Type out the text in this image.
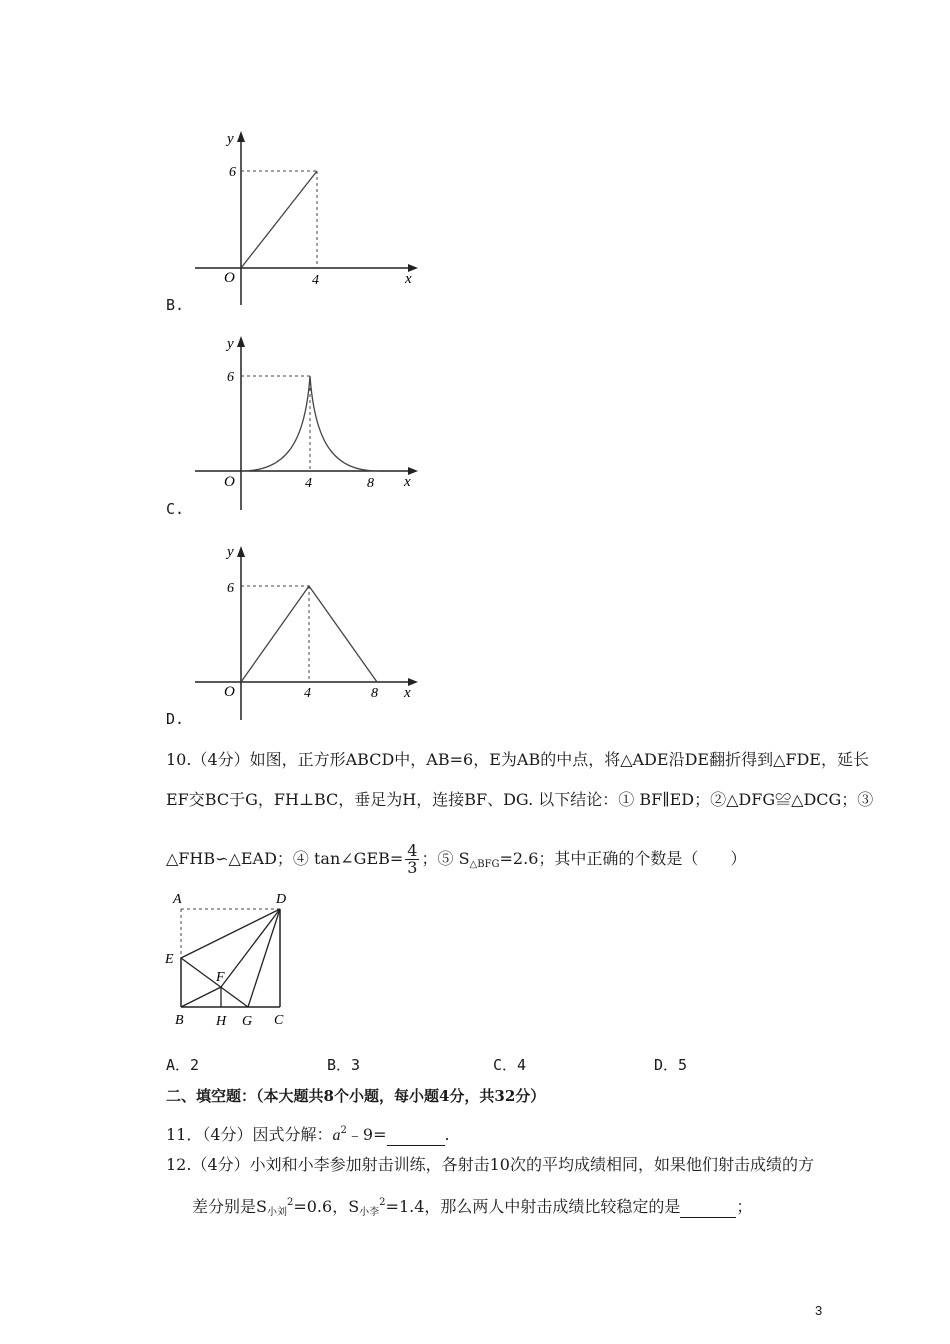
y
6
O	4	x
B.
y
6
O	4	8 x
C.
y
6
O	4	8 x
D.
10.（4分）如图，正方形ABCD中，AB=6，E为AB的中点，将△ADE沿DE翻折得到△FDE，延长
EF交BC于G，FH⊥BC，垂足为H，连接BF、DG. 以下结论：① BF∥ED；②△DFG≌△DCG；③
△FHB∽△EAD；④ tan∠GEB= $\frac{4}{3}$ ；⑤ $S_{\triangle BFG}=2.6$；其中正确的个数是（　　）
A	D
E
F
B H G C
A．2	B．3	C．4	D．5
二、填空题：（本大题共8个小题，每小题4分，共32分）
11．（4分）因式分解：$a^2﹣9=$	.
12.（4分）小刘和小李参加射击训练，各射击10次的平均成绩相同，如果他们射击成绩的方
差分别是$S_{小刘}^2=0.6$，$S_{小李}^2=1.4$，那么两人中射击成绩比较稳定的是	；
3
